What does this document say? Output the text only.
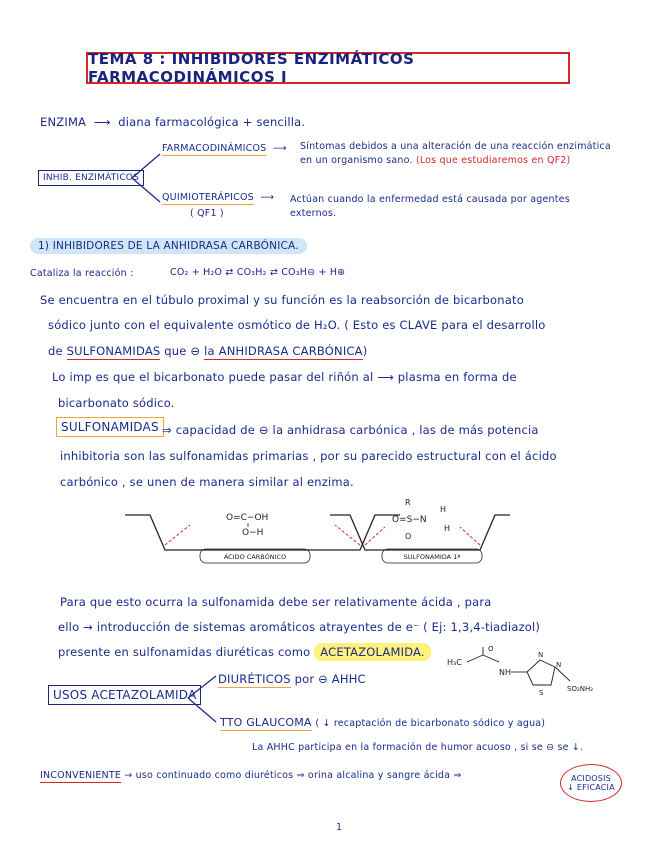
TEMA 8 : INHIBIDORES ENZIMÁTICOS FARMACODINÁMICOS I
ENZIMA  ⟶  diana farmacológica + sencilla.
INHIB. ENZIMÁTICOS
FARMACODINÁMICOS  ⟶ Síntomas debidos a una alteración de una reacción enzimática
en un organismo sano. (Los que estudiaremos en QF2)
QUIMIOTERÁPICOS  ⟶
( QF1 )
Actúan cuando la enfermedad está causada por agentes
externos.
1) INHIBIDORES DE LA ANHIDRASA CARBÓNICA.
Cataliza la reacción :	CO₂ + H₂O ⇄ CO₃H₂ ⇄ CO₃H⊖ + H⊕
Se encuentra en el túbulo proximal y su función es la reabsorción de bicarbonato
sódico junto con el equivalente osmótico de H₂O. ( Esto es CLAVE para el desarrollo
de SULFONAMIDAS que ⊖ la ANHIDRASA CARBÓNICA)
Lo imp es que el bicarbonato puede pasar del riñón al ⟶ plasma en forma de
bicarbonato sódico.
SULFONAMIDAS ⇒ capacidad de ⊖ la anhidrasa carbónica , las de más potencia
inhibitoria son las sulfonamidas primarias , por su parecido estructural con el ácido
carbónico , se unen de manera similar al enzima.
O=C−OH
O−H
ÁCIDO CARBÓNICO
R
O=S−N
H
H
O
SULFONAMIDA 1ª
Para que esto ocurra la sulfonamida debe ser relativamente ácida , para
ello → introducción de sistemas aromáticos atrayentes de e⁻ ( Ej: 1,3,4-tiadiazol)
presente en sulfonamidas diuréticas como ACETAZOLAMIDA.
H₃C
O
NH
N
N
S	SO₂NH₂
USOS ACETAZOLAMIDA
DIURÉTICOS por ⊖ AHHC
TTO GLAUCOMA ( ↓ recaptación de bicarbonato sódico y agua)
La AHHC participa en la formación de humor acuoso , si se ⊖ se ↓.
INCONVENIENTE → uso continuado como diuréticos ⇒ orina alcalina y sangre ácida ⇒	ACIDOSIS
↓ EFICACIA
1
